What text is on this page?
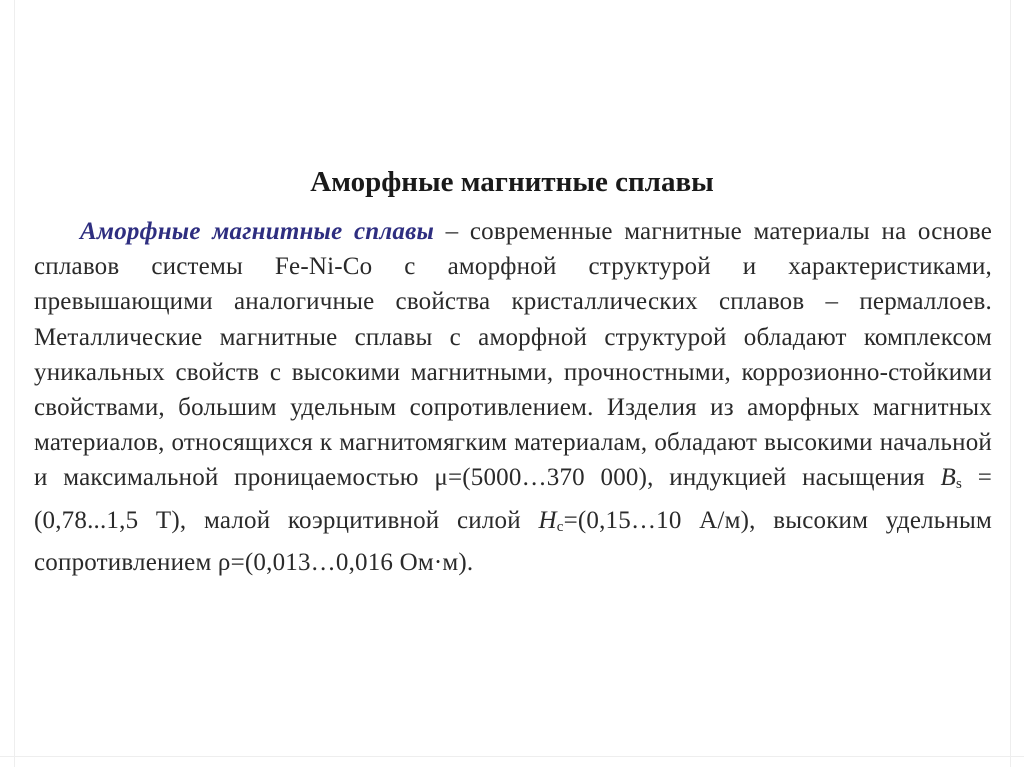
Аморфные магнитные сплавы

Аморфные магнитные сплавы – современные магнитные материалы на основе сплавов системы Fe-Ni-Co с аморфной структурой и характеристиками, превышающими аналогичные свойства кристаллических сплавов – пермаллоев. Металлические магнитные сплавы с аморфной структурой обладают комплексом уникальных свойств с высокими магнитными, прочностными, коррозионно-стойкими свойствами, большим удельным сопротивлением. Изделия из аморфных магнитных материалов, относящихся к магнитомягким материалам, обладают высокими начальной и максимальной проницаемостью μ=(5000…370 000), индукцией насыщения $B_s =(0,78...1,5$ Т), малой коэрцитивной силой $H_c=(0,15\dots 10$ А/м), высоким удельным сопротивлением ρ=(0,013…0,016 Ом·м).
